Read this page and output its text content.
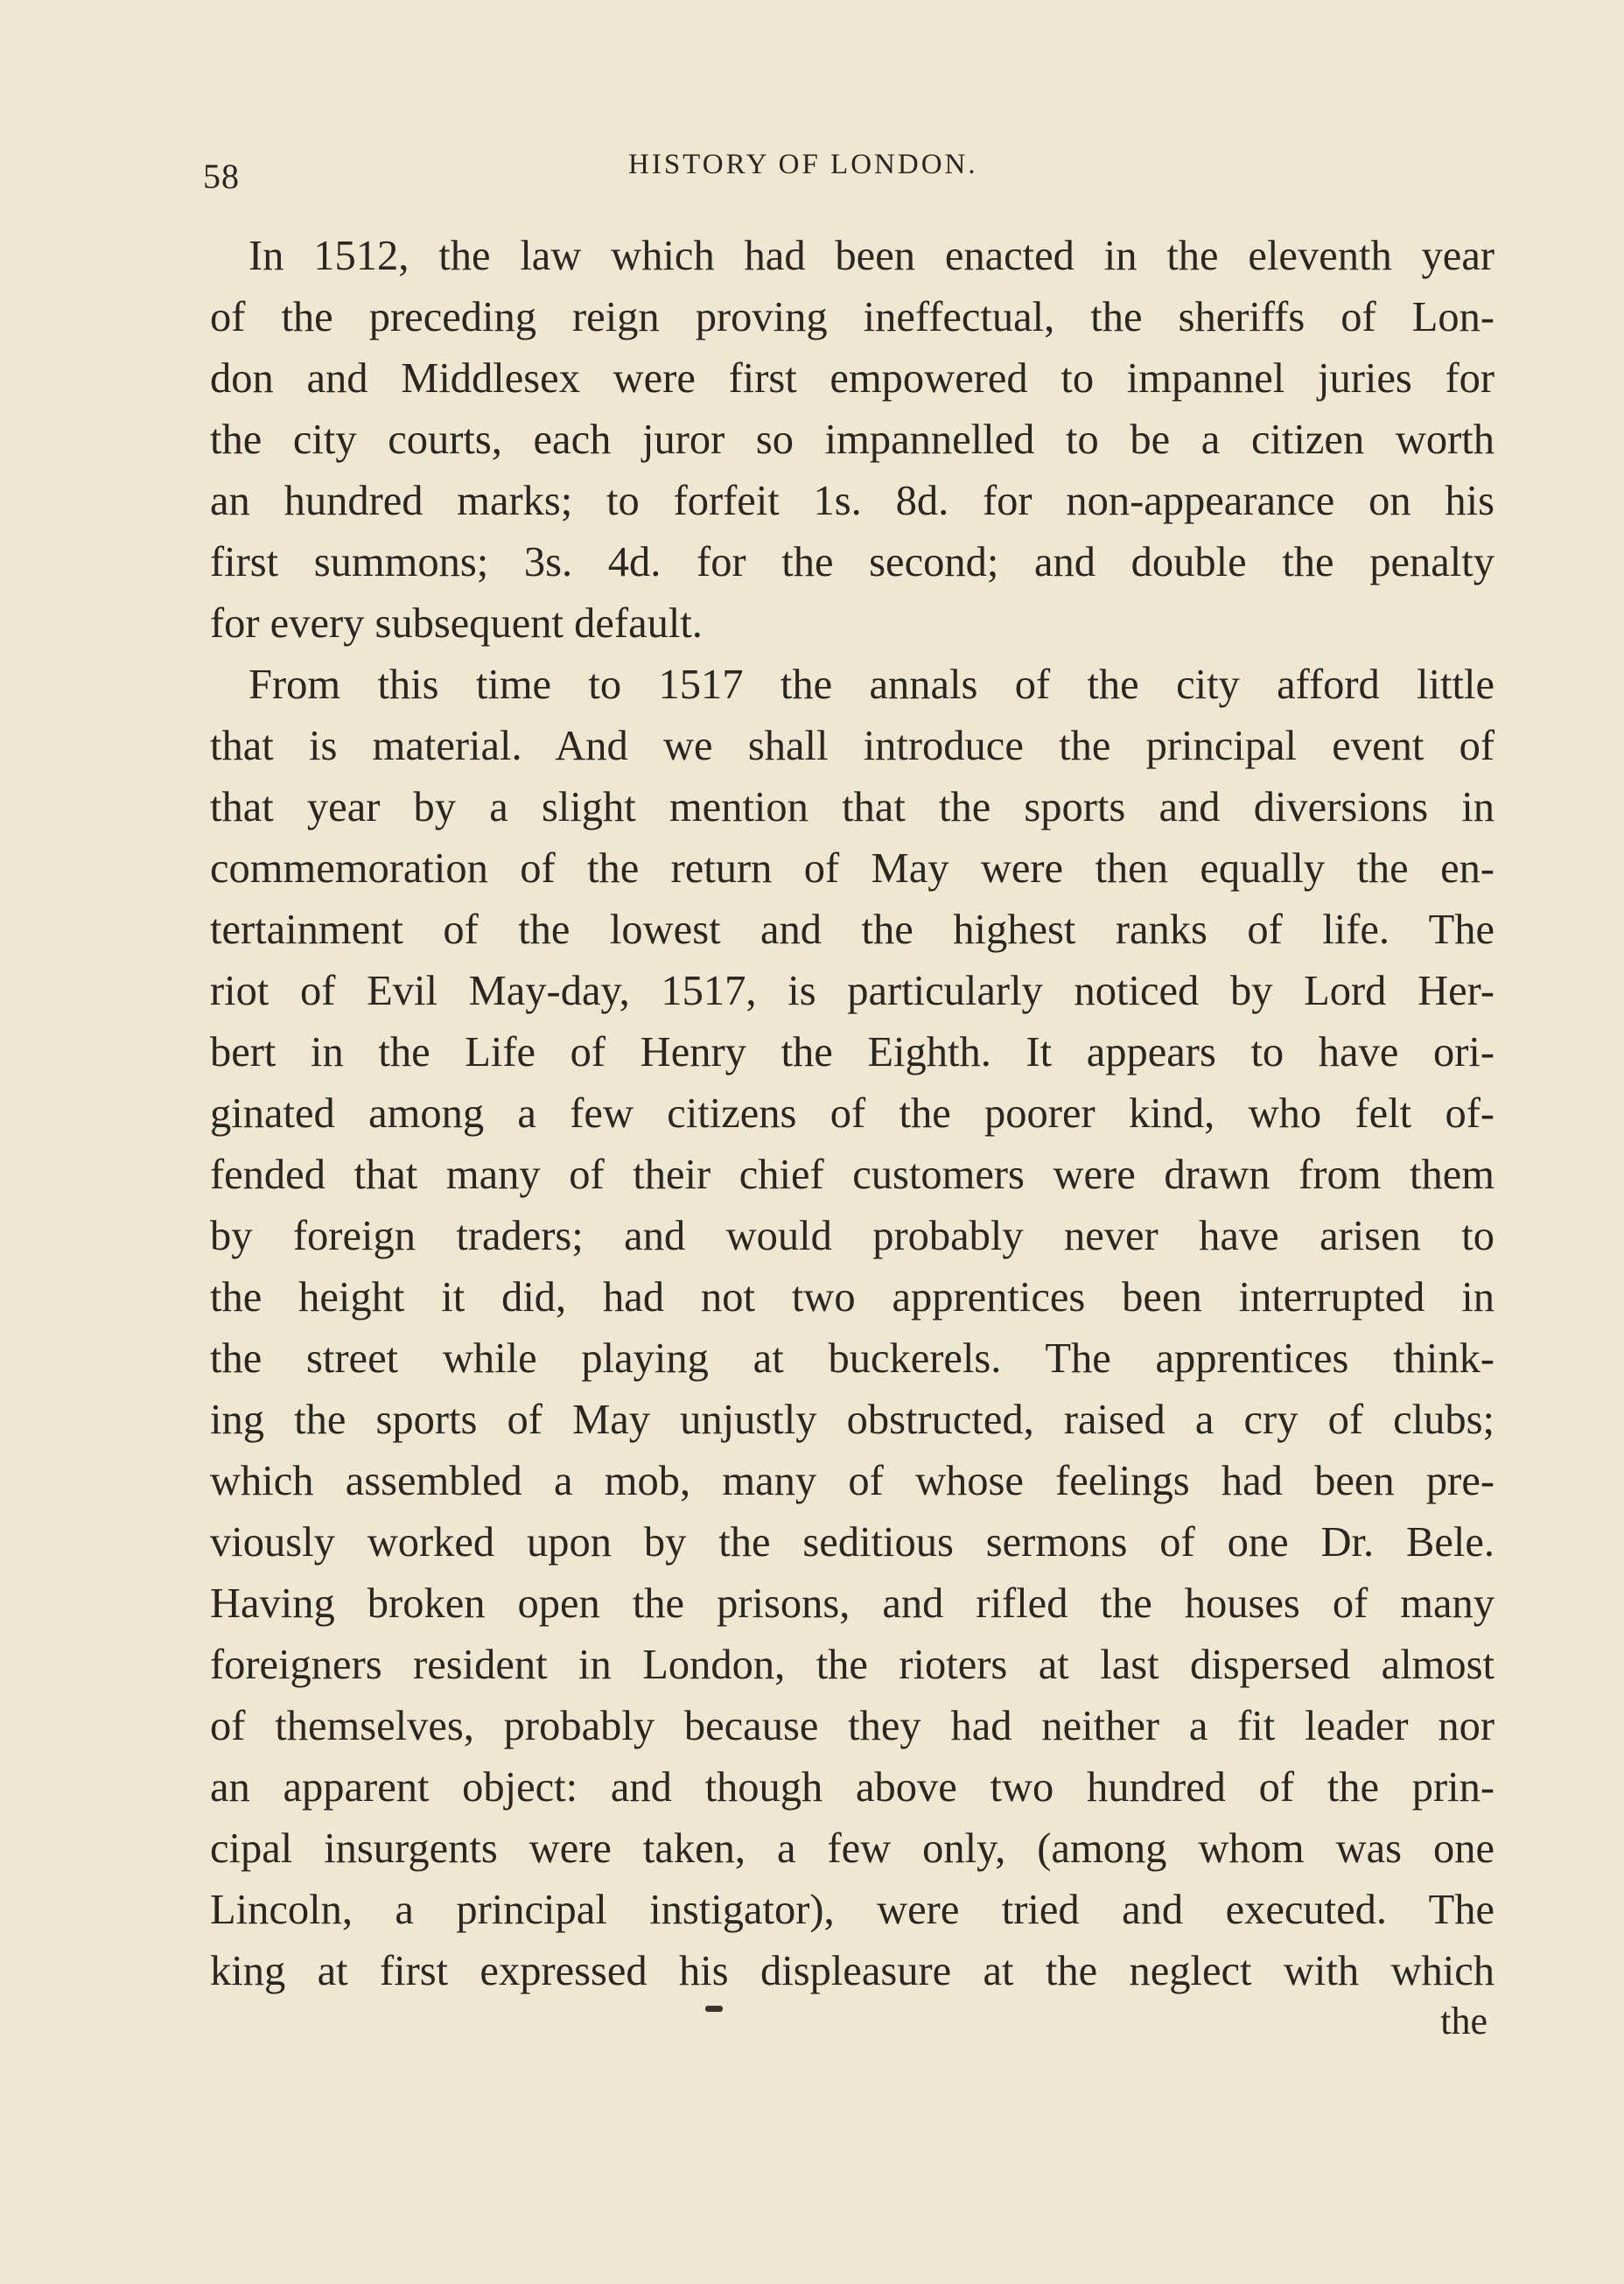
58	HISTORY OF LONDON.
In 1512, the law which had been enacted in the eleventh year
of the preceding reign proving ineffectual, the sheriffs of Lon-
don and Middlesex were first empowered to impannel juries for
the city courts, each juror so impannelled to be a citizen worth
an hundred marks; to forfeit 1s. 8d. for non-appearance on his
first summons; 3s. 4d. for the second; and double the penalty
for every subsequent default.
From this time to 1517 the annals of the city afford little
that is material. And we shall introduce the principal event of
that year by a slight mention that the sports and diversions in
commemoration of the return of May were then equally the en-
tertainment of the lowest and the highest ranks of life. The
riot of Evil May-day, 1517, is particularly noticed by Lord Her-
bert in the Life of Henry the Eighth. It appears to have ori-
ginated among a few citizens of the poorer kind, who felt of-
fended that many of their chief customers were drawn from them
by foreign traders; and would probably never have arisen to
the height it did, had not two apprentices been interrupted in
the street while playing at buckerels. The apprentices think-
ing the sports of May unjustly obstructed, raised a cry of clubs;
which assembled a mob, many of whose feelings had been pre-
viously worked upon by the seditious sermons of one Dr. Bele.
Having broken open the prisons, and rifled the houses of many
foreigners resident in London, the rioters at last dispersed almost
of themselves, probably because they had neither a fit leader nor
an apparent object: and though above two hundred of the prin-
cipal insurgents were taken, a few only, (among whom was one
Lincoln, a principal instigator), were tried and executed. The
king at first expressed his displeasure at the neglect with which
the
